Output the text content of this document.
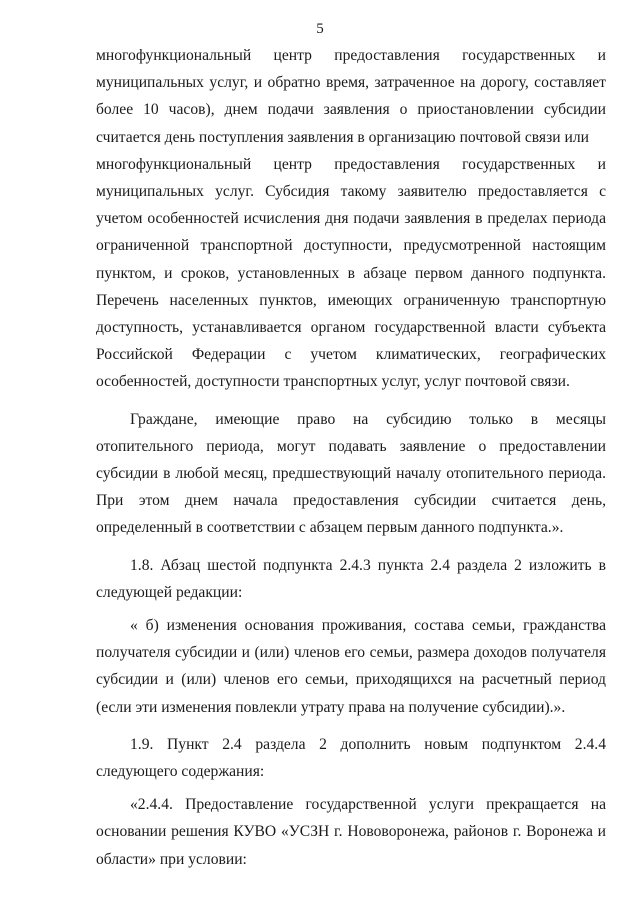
5
многофункциональный центр предоставления государственных и

муниципальных услуг, и обратно время, затраченное на дорогу, составляет более 10 часов), днем подачи заявления о приостановлении субсидии считается день поступления заявления в организацию почтовой связи или

многофункциональный центр предоставления государственных и

муниципальных услуг. Субсидия такому заявителю предоставляется с учетом особенностей исчисления дня подачи заявления в пределах периода ограниченной транспортной доступности, предусмотренной настоящим пунктом, и сроков, установленных в абзаце первом данного подпункта. Перечень населенных пунктов, имеющих ограниченную транспортную доступность, устанавливается органом государственной власти субъекта Российской Федерации с учетом климатических, географических особенностей, доступности транспортных услуг, услуг почтовой связи.

Граждане, имеющие право на субсидию только в месяцы отопительного периода, могут подавать заявление о предоставлении субсидии в любой месяц, предшествующий началу отопительного периода. При этом днем начала предоставления субсидии считается день, определенный в соответствии с абзацем первым данного подпункта.».

1.8. Абзац шестой подпункта 2.4.3 пункта 2.4 раздела 2 изложить в следующей редакции:

« б) изменения основания проживания, состава семьи, гражданства получателя субсидии и (или) членов его семьи, размера доходов получателя субсидии и (или) членов его семьи, приходящихся на расчетный период (если эти изменения повлекли утрату права на получение субсидии).».

1.9. Пункт 2.4 раздела 2 дополнить новым подпунктом 2.4.4 следующего содержания:

«2.4.4. Предоставление государственной услуги прекращается на основании решения КУВО «УСЗН г. Нововоронежа, районов г. Воронежа и области» при условии:
